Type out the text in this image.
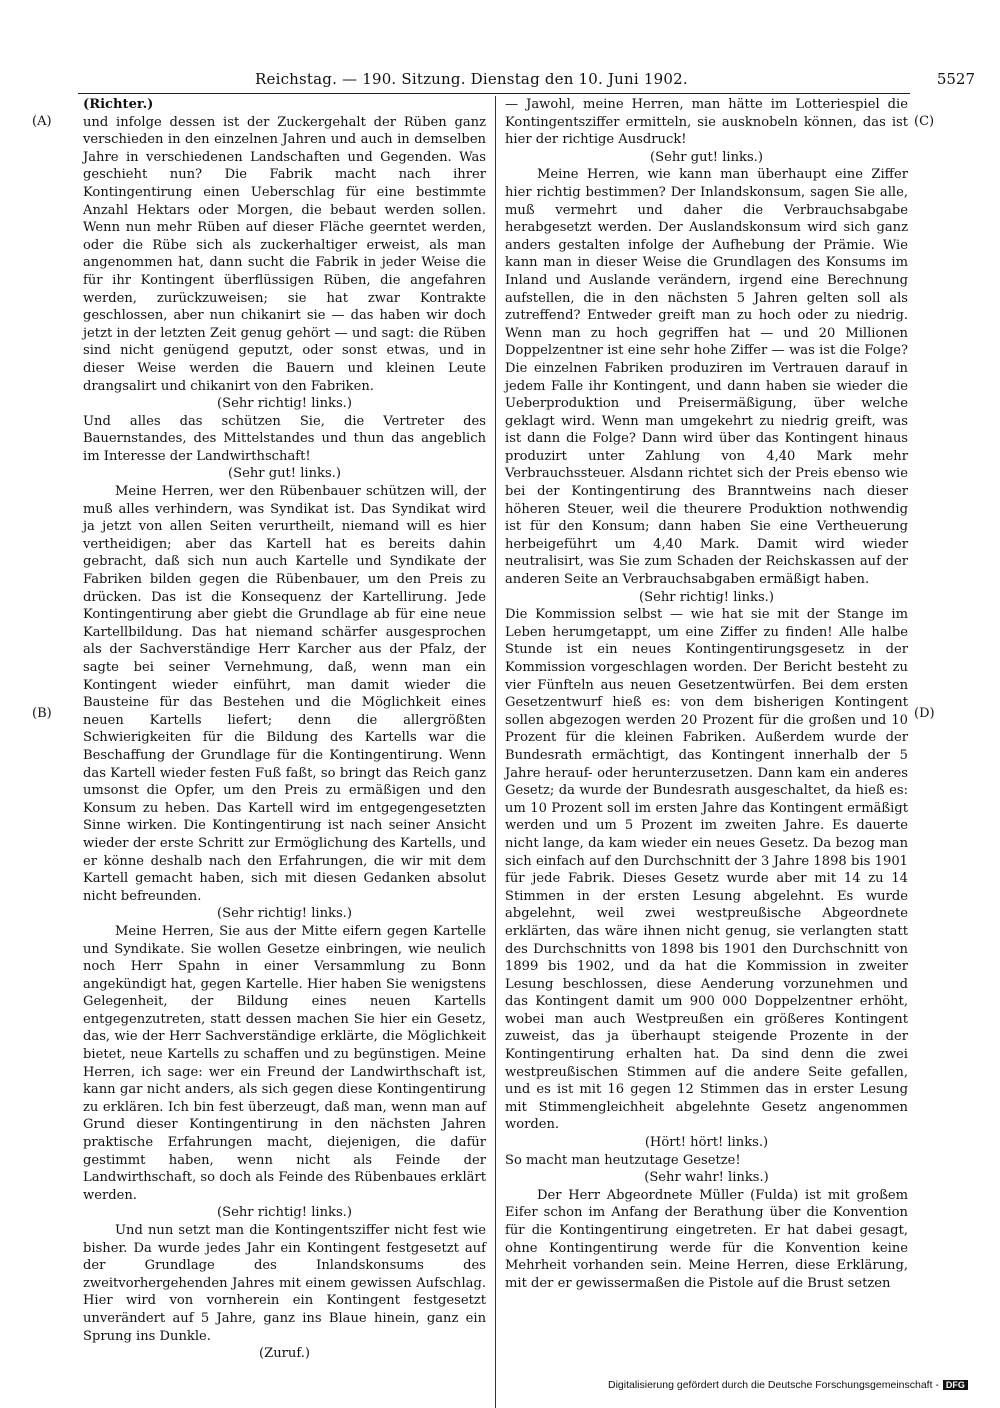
Reichstag. — 190. Sitzung. Dienstag den 10. Juni 1902.	5527
(A)
(B)
(C)
(D)

(Richter.)

und infolge dessen ist der Zuckergehalt der Rüben ganz verschieden in den einzelnen Jahren und auch in demselben Jahre in verschiedenen Landschaften und Gegenden. Was geschieht nun? Die Fabrik macht nach ihrer Kontingentirung einen Ueberschlag für eine bestimmte Anzahl Hektars oder Morgen, die bebaut werden sollen. Wenn nun mehr Rüben auf dieser Fläche geerntet werden, oder die Rübe sich als zuckerhaltiger erweist, als man angenommen hat, dann sucht die Fabrik in jeder Weise die für ihr Kontingent überflüssigen Rüben, die angefahren werden, zurückzuweisen; sie hat zwar Kontrakte geschlossen, aber nun chikanirt sie — das haben wir doch jetzt in der letzten Zeit genug gehört — und sagt: die Rüben sind nicht genügend geputzt, oder sonst etwas, und in dieser Weise werden die Bauern und kleinen Leute drangsalirt und chikanirt von den Fabriken.

(Sehr richtig! links.)

Und alles das schützen Sie, die Vertreter des Bauernstandes, des Mittelstandes und thun das angeblich im Interesse der Landwirthschaft!

(Sehr gut! links.)

Meine Herren, wer den Rübenbauer schützen will, der muß alles verhindern, was Syndikat ist. Das Syndikat wird ja jetzt von allen Seiten verurtheilt, niemand will es hier vertheidigen; aber das Kartell hat es bereits dahin gebracht, daß sich nun auch Kartelle und Syndikate der Fabriken bilden gegen die Rübenbauer, um den Preis zu drücken. Das ist die Konsequenz der Kartellirung. Jede Kontingentirung aber giebt die Grundlage ab für eine neue Kartellbildung. Das hat niemand schärfer ausgesprochen als der Sachverständige Herr Karcher aus der Pfalz, der sagte bei seiner Vernehmung, daß, wenn man ein Kontingent wieder einführt, man damit wieder die Bausteine für das Bestehen und die Möglichkeit eines neuen Kartells liefert; denn die allergrößten Schwierigkeiten für die Bildung des Kartells war die Beschaffung der Grundlage für die Kontingentirung. Wenn das Kartell wieder festen Fuß faßt, so bringt das Reich ganz umsonst die Opfer, um den Preis zu ermäßigen und den Konsum zu heben. Das Kartell wird im entgegengesetzten Sinne wirken. Die Kontingentirung ist nach seiner Ansicht wieder der erste Schritt zur Ermöglichung des Kartells, und er könne deshalb nach den Erfahrungen, die wir mit dem Kartell gemacht haben, sich mit diesen Gedanken absolut nicht befreunden.

(Sehr richtig! links.)

Meine Herren, Sie aus der Mitte eifern gegen Kartelle und Syndikate. Sie wollen Gesetze einbringen, wie neulich noch Herr Spahn in einer Versammlung zu Bonn angekündigt hat, gegen Kartelle. Hier haben Sie wenigstens Gelegenheit, der Bildung eines neuen Kartells entgegenzutreten, statt dessen machen Sie hier ein Gesetz, das, wie der Herr Sachverständige erklärte, die Möglichkeit bietet, neue Kartells zu schaffen und zu begünstigen. Meine Herren, ich sage: wer ein Freund der Landwirthschaft ist, kann gar nicht anders, als sich gegen diese Kontingentirung zu erklären. Ich bin fest überzeugt, daß man, wenn man auf Grund dieser Kontingentirung in den nächsten Jahren praktische Erfahrungen macht, diejenigen, die dafür gestimmt haben, wenn nicht als Feinde der Landwirthschaft, so doch als Feinde des Rübenbaues erklärt werden.

(Sehr richtig! links.)

Und nun setzt man die Kontingentsziffer nicht fest wie bisher. Da wurde jedes Jahr ein Kontingent festgesetzt auf der Grundlage des Inlandskonsums des zweitvorhergehenden Jahres mit einem gewissen Aufschlag. Hier wird von vornherein ein Kontingent festgesetzt unverändert auf 5 Jahre, ganz ins Blaue hinein, ganz ein Sprung ins Dunkle.

(Zuruf.)

— Jawohl, meine Herren, man hätte im Lotteriespiel die Kontingentsziffer ermitteln, sie ausknobeln können, das ist hier der richtige Ausdruck!

(Sehr gut! links.)

Meine Herren, wie kann man überhaupt eine Ziffer hier richtig bestimmen? Der Inlandskonsum, sagen Sie alle, muß vermehrt und daher die Verbrauchsabgabe herabgesetzt werden. Der Auslandskonsum wird sich ganz anders gestalten infolge der Aufhebung der Prämie. Wie kann man in dieser Weise die Grundlagen des Konsums im Inland und Auslande verändern, irgend eine Berechnung aufstellen, die in den nächsten 5 Jahren gelten soll als zutreffend? Entweder greift man zu hoch oder zu niedrig. Wenn man zu hoch gegriffen hat — und 20 Millionen Doppelzentner ist eine sehr hohe Ziffer — was ist die Folge? Die einzelnen Fabriken produziren im Vertrauen darauf in jedem Falle ihr Kontingent, und dann haben sie wieder die Ueberproduktion und Preisermäßigung, über welche geklagt wird. Wenn man umgekehrt zu niedrig greift, was ist dann die Folge? Dann wird über das Kontingent hinaus produzirt unter Zahlung von 4,40 Mark mehr Verbrauchssteuer. Alsdann richtet sich der Preis ebenso wie bei der Kontingentirung des Branntweins nach dieser höheren Steuer, weil die theurere Produktion nothwendig ist für den Konsum; dann haben Sie eine Vertheuerung herbeigeführt um 4,40 Mark. Damit wird wieder neutralisirt, was Sie zum Schaden der Reichskassen auf der anderen Seite an Verbrauchsabgaben ermäßigt haben.

(Sehr richtig! links.)

Die Kommission selbst — wie hat sie mit der Stange im Leben herumgetappt, um eine Ziffer zu finden! Alle halbe Stunde ist ein neues Kontingentirungsgesetz in der Kommission vorgeschlagen worden. Der Bericht besteht zu vier Fünfteln aus neuen Gesetzentwürfen. Bei dem ersten Gesetzentwurf hieß es: von dem bisherigen Kontingent sollen abgezogen werden 20 Prozent für die großen und 10 Prozent für die kleinen Fabriken. Außerdem wurde der Bundesrath ermächtigt, das Kontingent innerhalb der 5 Jahre herauf- oder herunterzusetzen. Dann kam ein anderes Gesetz; da wurde der Bundesrath ausgeschaltet, da hieß es: um 10 Prozent soll im ersten Jahre das Kontingent ermäßigt werden und um 5 Prozent im zweiten Jahre. Es dauerte nicht lange, da kam wieder ein neues Gesetz. Da bezog man sich einfach auf den Durchschnitt der 3 Jahre 1898 bis 1901 für jede Fabrik. Dieses Gesetz wurde aber mit 14 zu 14 Stimmen in der ersten Lesung abgelehnt. Es wurde abgelehnt, weil zwei westpreußische Abgeordnete erklärten, das wäre ihnen nicht genug, sie verlangten statt des Durchschnitts von 1898 bis 1901 den Durchschnitt von 1899 bis 1902, und da hat die Kommission in zweiter Lesung beschlossen, diese Aenderung vorzunehmen und das Kontingent damit um 900 000 Doppelzentner erhöht, wobei man auch Westpreußen ein größeres Kontingent zuweist, das ja überhaupt steigende Prozente in der Kontingentirung erhalten hat. Da sind denn die zwei westpreußischen Stimmen auf die andere Seite gefallen, und es ist mit 16 gegen 12 Stimmen das in erster Lesung mit Stimmengleichheit abgelehnte Gesetz angenommen worden.

(Hört! hört! links.)

So macht man heutzutage Gesetze!

(Sehr wahr! links.)

Der Herr Abgeordnete Müller (Fulda) ist mit großem Eifer schon im Anfang der Berathung über die Konvention für die Kontingentirung eingetreten. Er hat dabei gesagt, ohne Kontingentirung werde für die Konvention keine Mehrheit vorhanden sein. Meine Herren, diese Erklärung, mit der er gewissermaßen die Pistole auf die Brust setzen

Digitalisierung gefördert durch die Deutsche Forschungsgemeinschaft - DFG
